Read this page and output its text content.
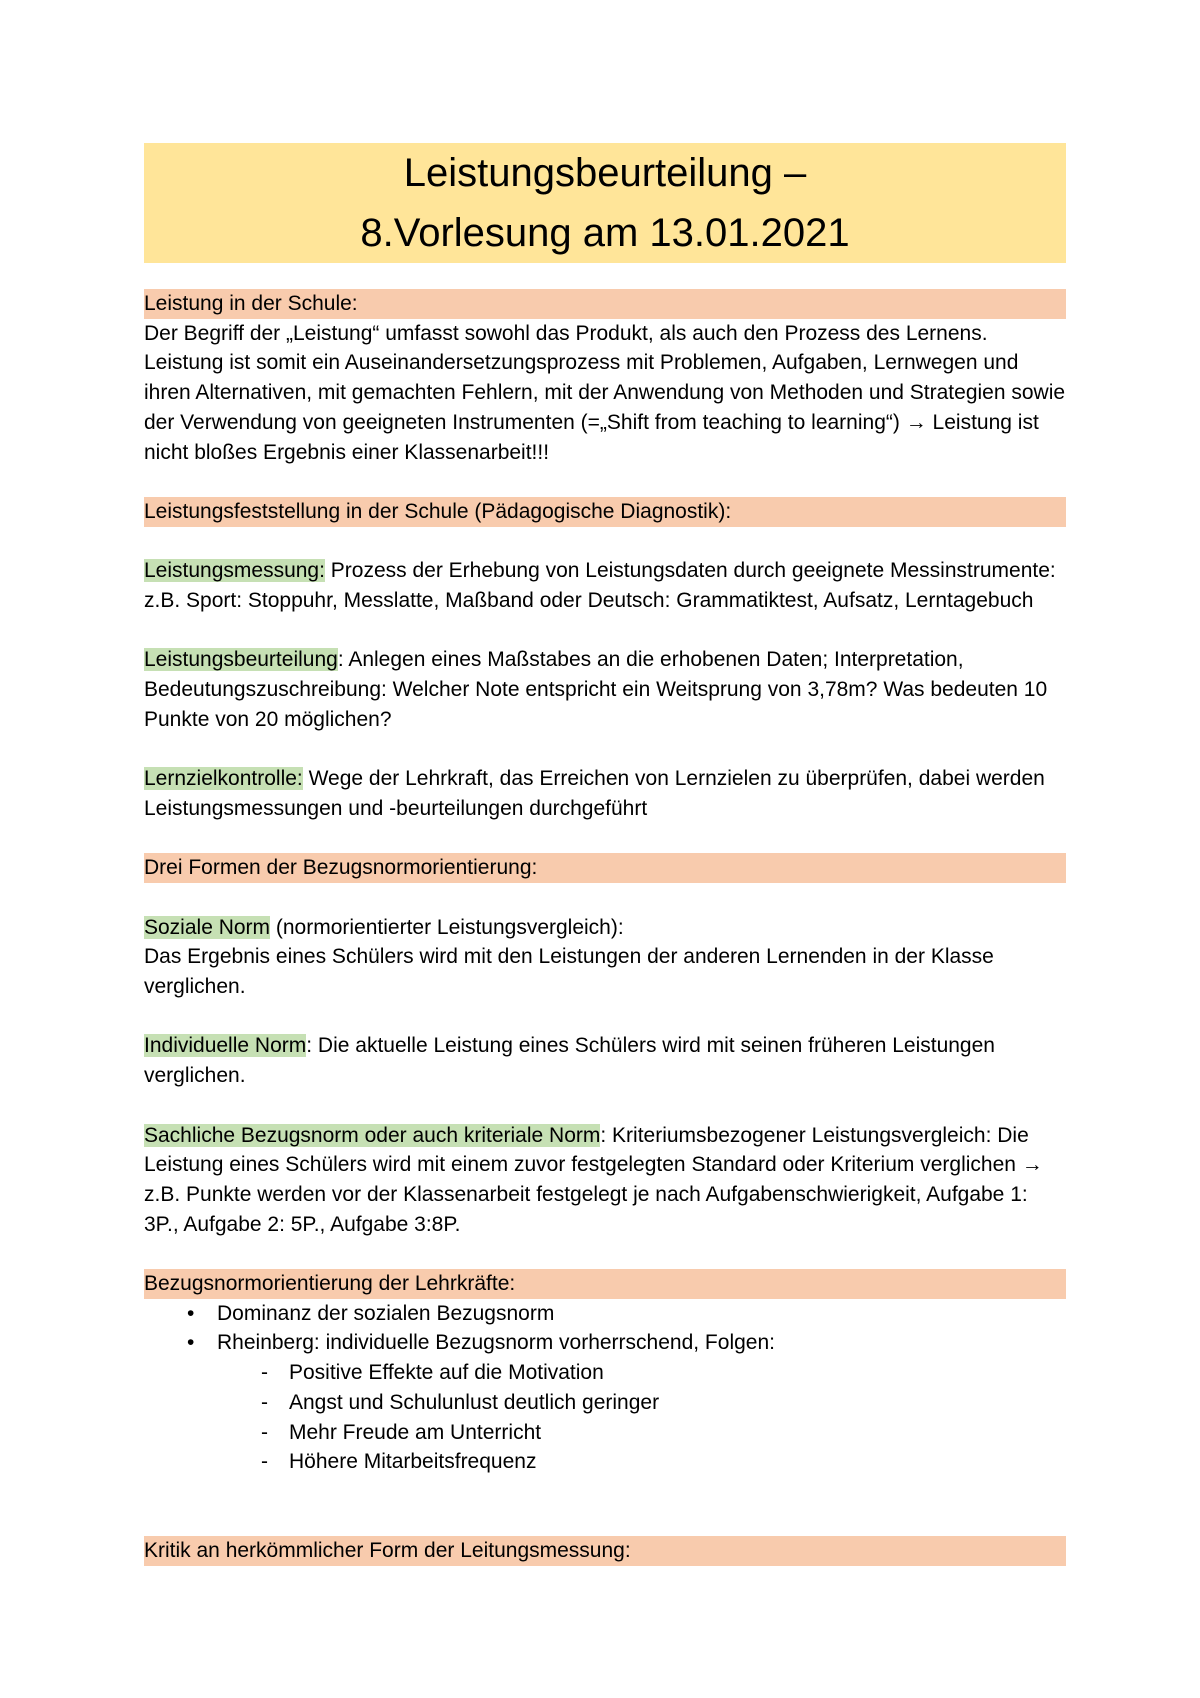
Leistungsbeurteilung –
8.Vorlesung am 13.01.2021
Leistung in der Schule:
Der Begriff der „Leistung“ umfasst sowohl das Produkt, als auch den Prozess des Lernens. Leistung ist somit ein Auseinandersetzungsprozess mit Problemen, Aufgaben, Lernwegen und ihren Alternativen, mit gemachten Fehlern, mit der Anwendung von Methoden und Strategien sowie der Verwendung von geeigneten Instrumenten (=„Shift from teaching to learning“) → Leistung ist nicht bloßes Ergebnis einer Klassenarbeit!!!
Leistungsfeststellung in der Schule (Pädagogische Diagnostik):
Leistungsmessung: Prozess der Erhebung von Leistungsdaten durch geeignete Messinstrumente: z.B. Sport: Stoppuhr, Messlatte, Maßband oder Deutsch: Grammatiktest, Aufsatz, Lerntagebuch
Leistungsbeurteilung: Anlegen eines Maßstabes an die erhobenen Daten; Interpretation, Bedeutungszuschreibung: Welcher Note entspricht ein Weitsprung von 3,78m? Was bedeuten 10 Punkte von 20 möglichen?
Lernzielkontrolle: Wege der Lehrkraft, das Erreichen von Lernzielen zu überprüfen, dabei werden Leistungsmessungen und -beurteilungen durchgeführt
Drei Formen der Bezugsnormorientierung:
Soziale Norm (normorientierter Leistungsvergleich):
Das Ergebnis eines Schülers wird mit den Leistungen der anderen Lernenden in der Klasse verglichen.
Individuelle Norm: Die aktuelle Leistung eines Schülers wird mit seinen früheren Leistungen verglichen.
Sachliche Bezugsnorm oder auch kriteriale Norm: Kriteriumsbezogener Leistungsvergleich: Die Leistung eines Schülers wird mit einem zuvor festgelegten Standard oder Kriterium verglichen → z.B. Punkte werden vor der Klassenarbeit festgelegt je nach Aufgabenschwierigkeit, Aufgabe 1: 3P., Aufgabe 2: 5P., Aufgabe 3:8P.
Bezugsnormorientierung der Lehrkräfte:
• Dominanz der sozialen Bezugsnorm
• Rheinberg: individuelle Bezugsnorm vorherrschend, Folgen:
- Positive Effekte auf die Motivation
- Angst und Schulunlust deutlich geringer
- Mehr Freude am Unterricht
- Höhere Mitarbeitsfrequenz
Kritik an herkömmlicher Form der Leitungsmessung:
